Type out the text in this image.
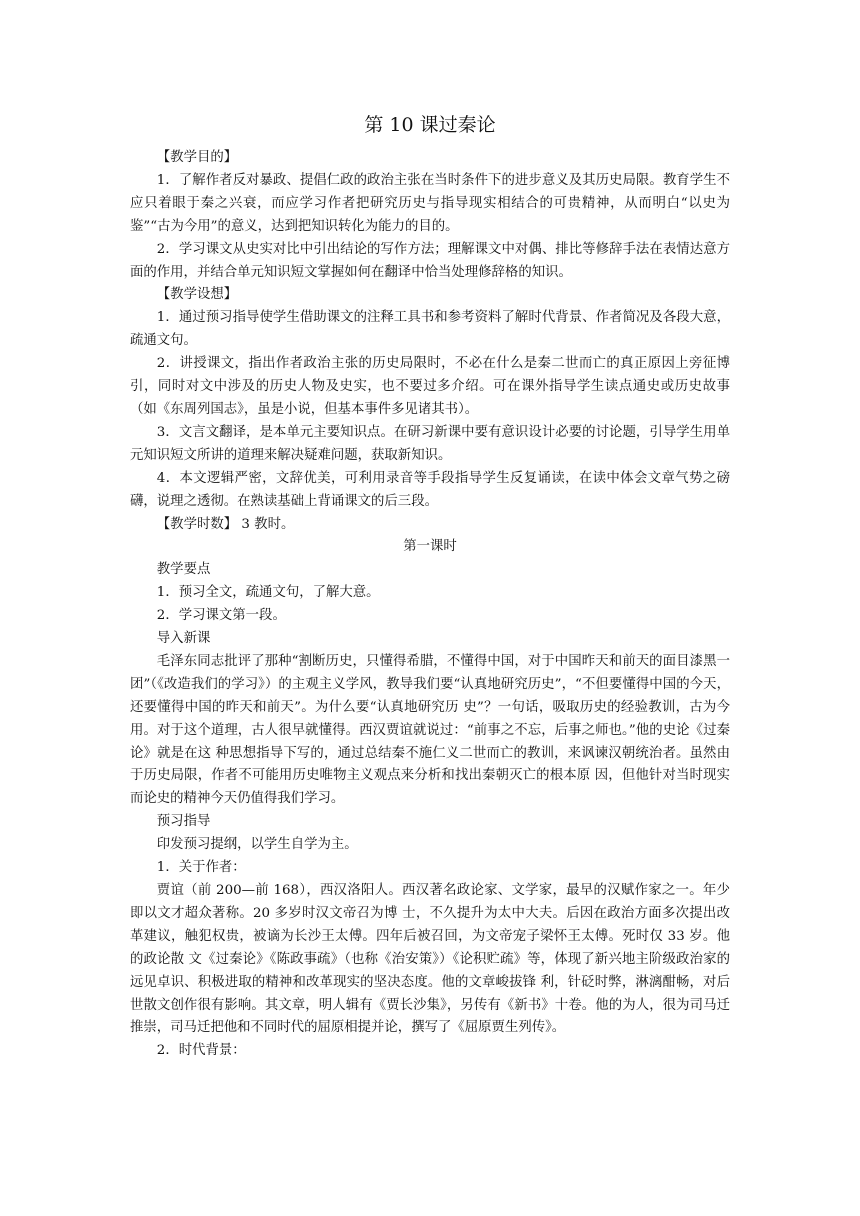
第 10 课过秦论

【教学目的】

1．了解作者反对暴政、提倡仁政的政治主张在当时条件下的进步意义及其历史局限。教育学生不应只着眼于秦之兴衰，而应学习作者把研究历史与指导现实相结合的可贵精神，从而明白“以史为鉴”“古为今用”的意义，达到把知识转化为能力的目的。

2．学习课文从史实对比中引出结论的写作方法；理解课文中对偶、排比等修辞手法在表情达意方面的作用，并结合单元知识短文掌握如何在翻译中恰当处理修辞格的知识。

【教学设想】

1．通过预习指导使学生借助课文的注释工具书和参考资料了解时代背景、作者简况及各段大意，疏通文句。

2．讲授课文，指出作者政治主张的历史局限时，不必在什么是秦二世而亡的真正原因上旁征博引，同时对文中涉及的历史人物及史实，也不要过多介绍。可在课外指导学生读点通史或历史故事（如《东周列国志》，虽是小说，但基本事件多见诸其书）。

3．文言文翻译，是本单元主要知识点。在研习新课中要有意识设计必要的讨论题，引导学生用单元知识短文所讲的道理来解决疑难问题，获取新知识。

4．本文逻辑严密，文辞优美，可利用录音等手段指导学生反复诵读，在读中体会文章气势之磅礴，说理之透彻。在熟读基础上背诵课文的后三段。

【教学时数】 3 教时。

第一课时

教学要点

1．预习全文，疏通文句，了解大意。

2．学习课文第一段。

导入新课

毛泽东同志批评了那种“割断历史，只懂得希腊，不懂得中国，对于中国昨天和前天的面目漆黑一团”（《改造我们的学习》）的主观主义学风，教导我们要“认真地研究历史”，“不但要懂得中国的今天，还要懂得中国的昨天和前天”。为什么要“认真地研究历 史”？一句话，吸取历史的经验教训，古为今用。对于这个道理，古人很早就懂得。西汉贾谊就说过：“前事之不忘，后事之师也。”他的史论《过秦论》就是在这 种思想指导下写的，通过总结秦不施仁义二世而亡的教训，来讽谏汉朝统治者。虽然由于历史局限，作者不可能用历史唯物主义观点来分析和找出秦朝灭亡的根本原 因，但他针对当时现实而论史的精神今天仍值得我们学习。

预习指导

印发预习提纲，以学生自学为主。

1．关于作者：

贾谊（前 200—前 168），西汉洛阳人。西汉著名政论家、文学家，最早的汉赋作家之一。年少即以文才超众著称。20 多岁时汉文帝召为博 士，不久提升为太中大夫。后因在政治方面多次提出改革建议，触犯权贵，被谪为长沙王太傅。四年后被召回，为文帝宠子梁怀王太傅。死时仅 33 岁。他的政论散 文《过秦论》《陈政事疏》（也称《治安策》）《论积贮疏》等，体现了新兴地主阶级政治家的远见卓识、积极进取的精神和改革现实的坚决态度。他的文章峻拔锋 利，针砭时弊，淋漓酣畅，对后世散文创作很有影响。其文章，明人辑有《贾长沙集》，另传有《新书》十卷。他的为人，很为司马迁推崇，司马迁把他和不同时代的屈原相提并论，撰写了《屈原贾生列传》。

2．时代背景：
